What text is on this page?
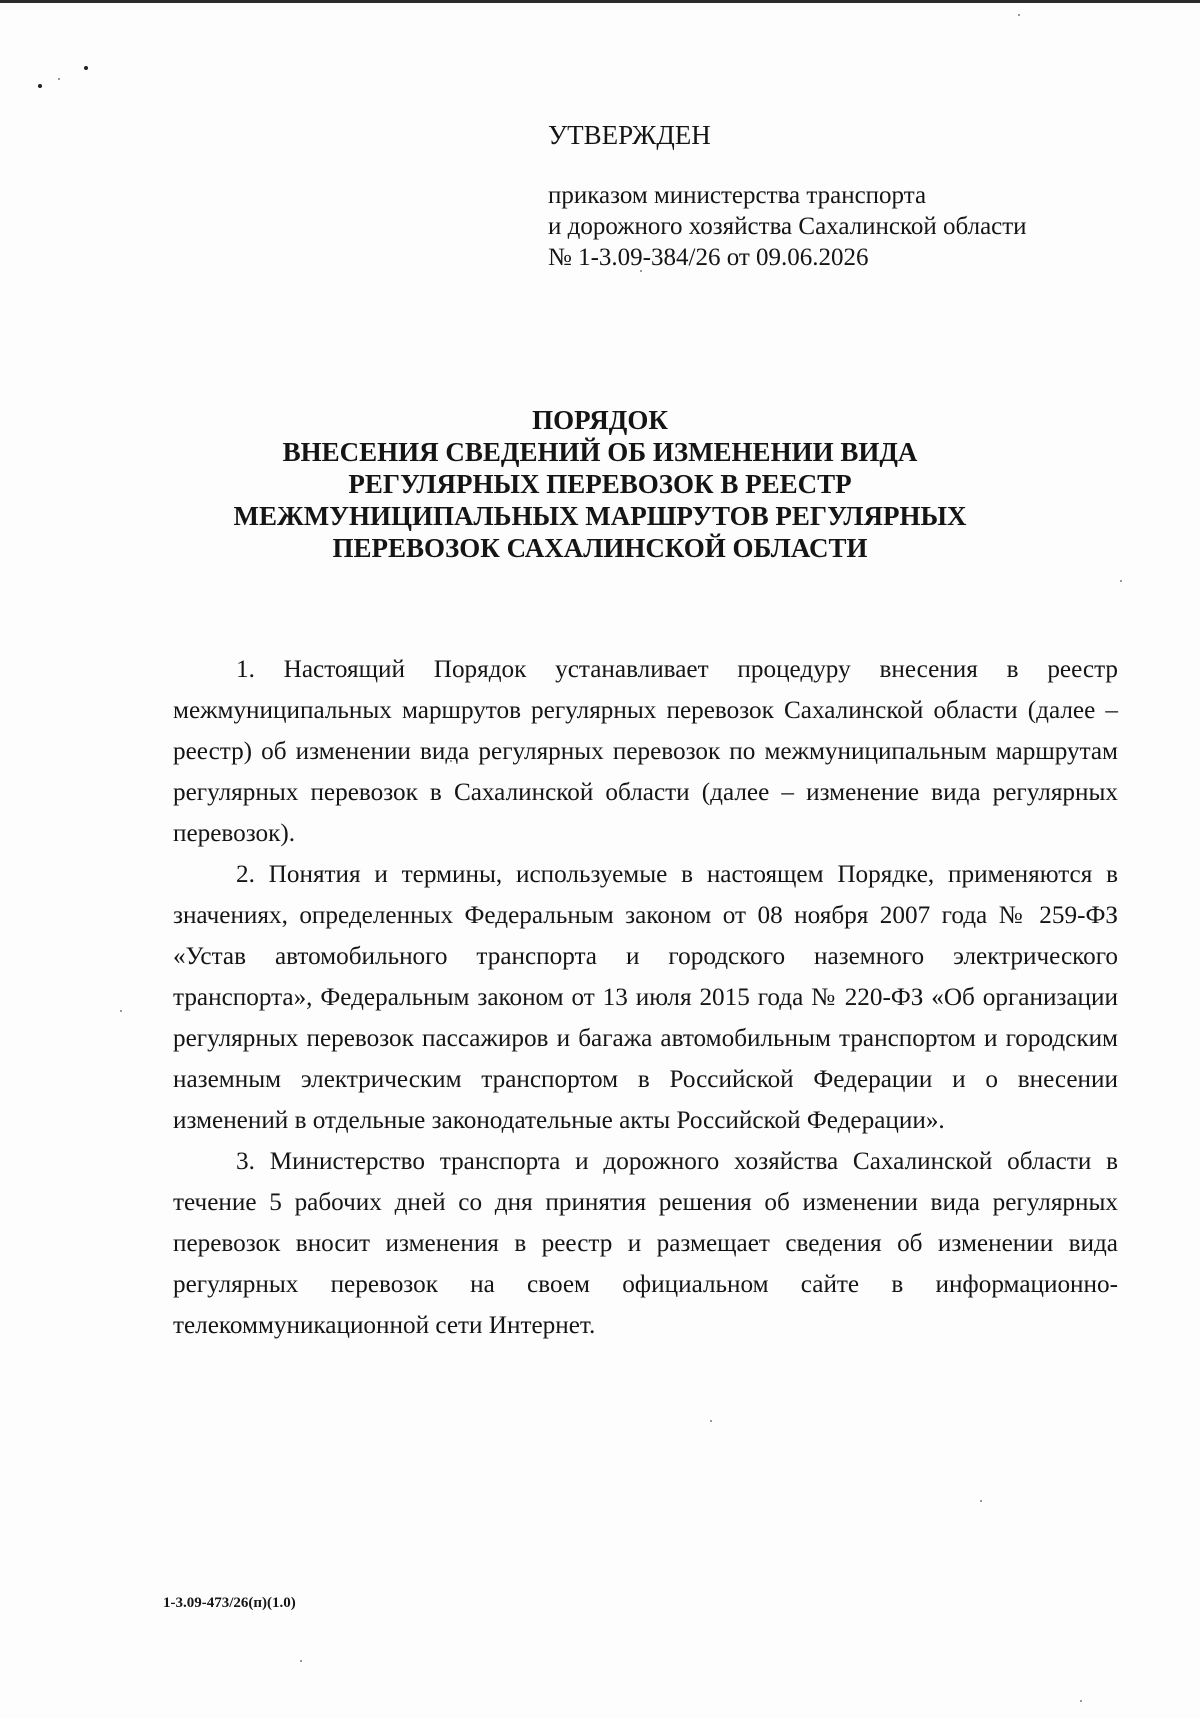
УТВЕРЖДЕН
приказом министерства транспорта
и дорожного хозяйства Сахалинской области
№ 1-3.09-384/26 от 09.06.2026
ПОРЯДОК
ВНЕСЕНИЯ СВЕДЕНИЙ ОБ ИЗМЕНЕНИИ ВИДА
РЕГУЛЯРНЫХ ПЕРЕВОЗОК В РЕЕСТР
МЕЖМУНИЦИПАЛЬНЫХ МАРШРУТОВ РЕГУЛЯРНЫХ
ПЕРЕВОЗОК САХАЛИНСКОЙ ОБЛАСТИ

1. Настоящий Порядок устанавливает процедуру внесения в реестр межмуниципальных маршрутов регулярных перевозок Сахалинской области (далее – реестр) об изменении вида регулярных перевозок по межмуниципальным маршрутам регулярных перевозок в Сахалинской области (далее – изменение вида регулярных перевозок).

2. Понятия и термины, используемые в настоящем Порядке, применяются в значениях, определенных Федеральным законом от 08 ноября 2007 года № 259-ФЗ «Устав автомобильного транспорта и городского наземного электрического транспорта», Федеральным законом от 13 июля 2015 года № 220-ФЗ «Об организации регулярных перевозок пассажиров и багажа автомобильным транспортом и городским наземным электрическим транспортом в Российской Федерации и о внесении изменений в отдельные законодательные акты Российской Федерации».

3. Министерство транспорта и дорожного хозяйства Сахалинской области в течение 5 рабочих дней со дня принятия решения об изменении вида регулярных перевозок вносит изменения в реестр и размещает сведения об изменении вида регулярных перевозок на своем официальном сайте в информационно-телекоммуникационной сети Интернет.

1-3.09-473/26(п)(1.0)
